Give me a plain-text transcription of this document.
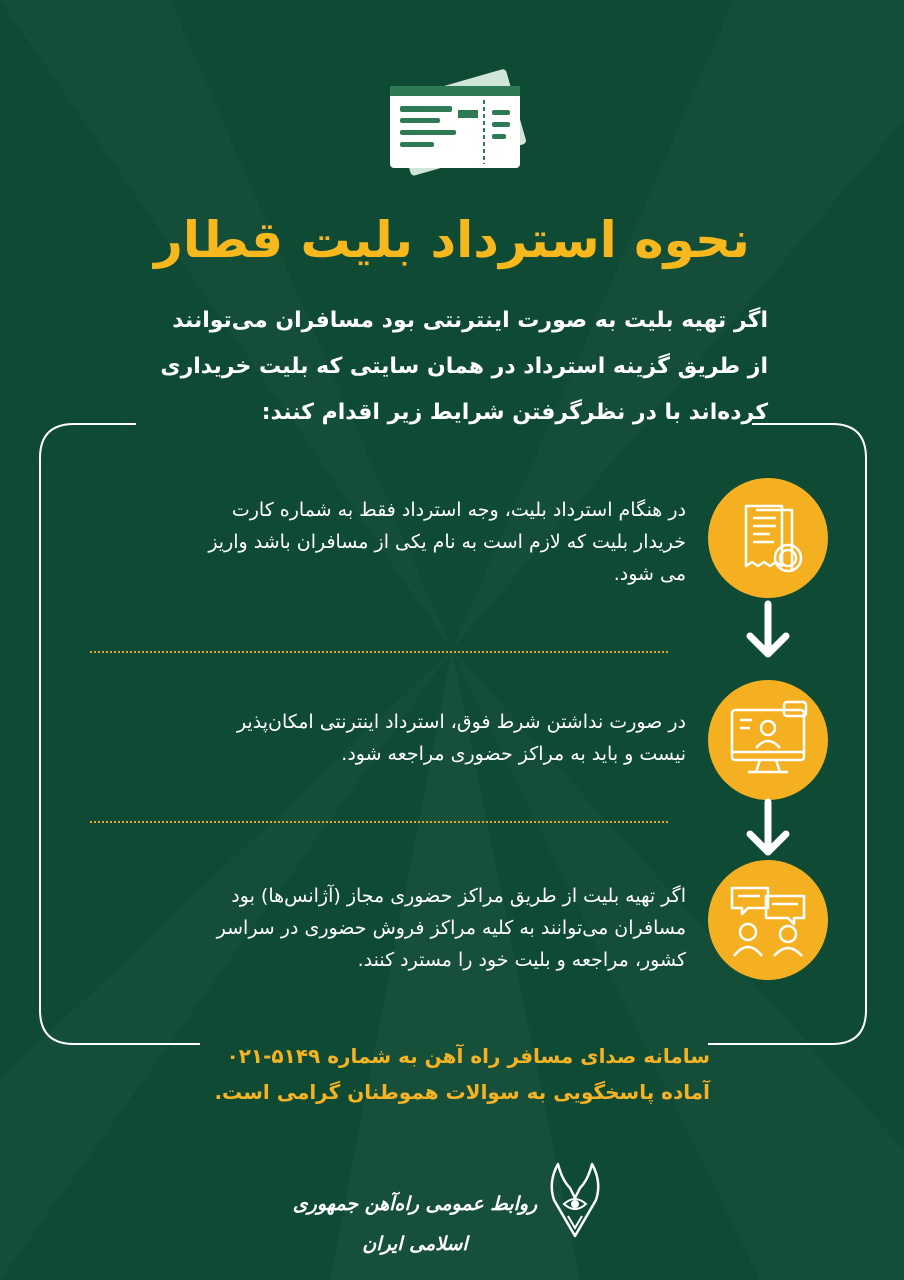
نحوه استرداد بلیت قطار

اگر تهیه بلیت به صورت اینترنتی بود مسافران می‌توانند

از طریق گزینه استرداد در همان سایتی که بلیت خریداری

کرده‌اند با در نظرگرفتن شرایط زیر اقدام کنند:

در هنگام استرداد بلیت، وجه استرداد فقط به شماره کارت
خریدار بلیت که لازم است به نام یکی از مسافران باشد واریز
می شود.
در صورت نداشتن شرط فوق، استرداد اینترنتی امکان‌پذیر
نیست و باید به مراکز حضوری مراجعه شود.
اگر تهیه بلیت از طریق مراکز حضوری مجاز (آژانس‌ها) بود
مسافران می‌توانند به کلیه مراکز فروش حضوری در سراسر
کشور، مراجعه و بلیت خود را مسترد کنند.

سامانه صدای مسافر راه آهن به شماره ۵۱۴۹-۰۲۱

آماده پاسخگویی به سوالات هموطنان گرامی است.

روابط عمومی راه‌آهن جمهوری اسلامی ایران
